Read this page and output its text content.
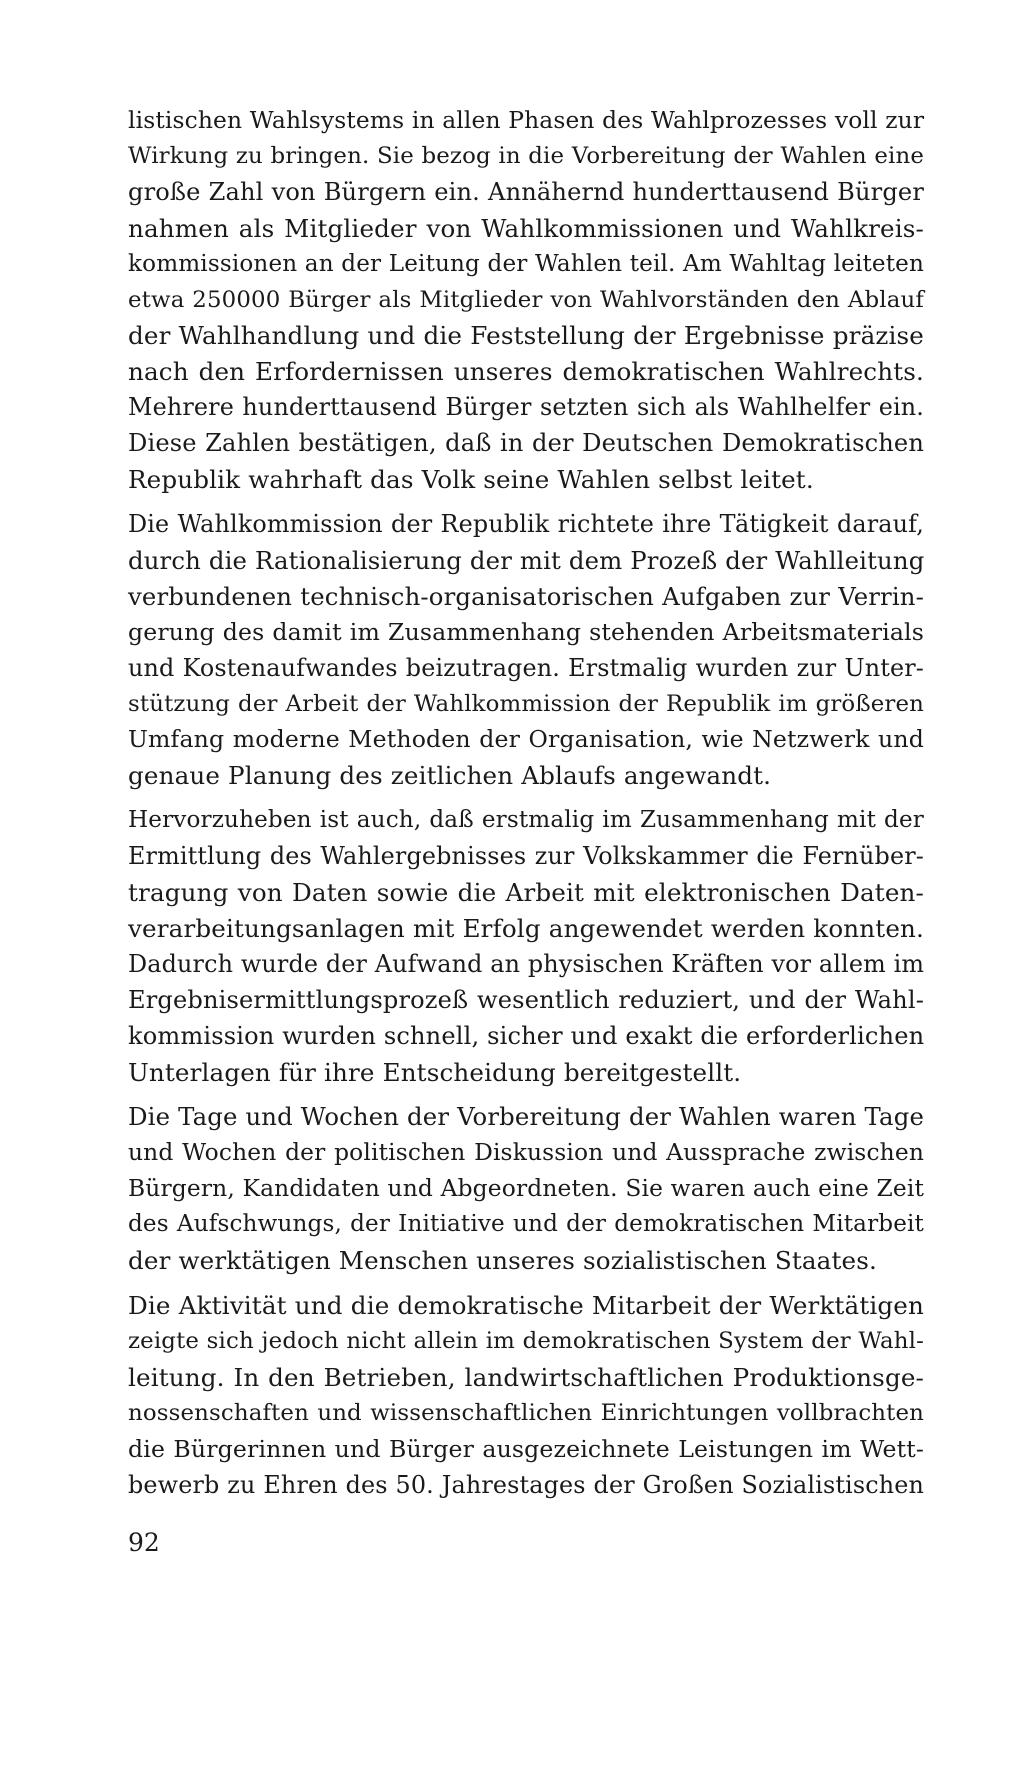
listischen Wahlsystems in allen Phasen des Wahlprozesses voll zur
Wirkung zu bringen. Sie bezog in die Vorbereitung der Wahlen eine
große Zahl von Bürgern ein. Annähernd hunderttausend Bürger
nahmen als Mitglieder von Wahlkommissionen und Wahlkreis-
kommissionen an der Leitung der Wahlen teil. Am Wahltag leiteten
etwa 250000 Bürger als Mitglieder von Wahlvorständen den Ablauf
der Wahlhandlung und die Feststellung der Ergebnisse präzise
nach den Erfordernissen unseres demokratischen Wahlrechts.
Mehrere hunderttausend Bürger setzten sich als Wahlhelfer ein.
Diese Zahlen bestätigen, daß in der Deutschen Demokratischen
Republik wahrhaft das Volk seine Wahlen selbst leitet.
Die Wahlkommission der Republik richtete ihre Tätigkeit darauf,
durch die Rationalisierung der mit dem Prozeß der Wahlleitung
verbundenen technisch-organisatorischen Aufgaben zur Verrin-
gerung des damit im Zusammenhang stehenden Arbeitsmaterials
und Kostenaufwandes beizutragen. Erstmalig wurden zur Unter-
stützung der Arbeit der Wahlkommission der Republik im größeren
Umfang moderne Methoden der Organisation, wie Netzwerk und
genaue Planung des zeitlichen Ablaufs angewandt.
Hervorzuheben ist auch, daß erstmalig im Zusammenhang mit der
Ermittlung des Wahlergebnisses zur Volkskammer die Fernüber-
tragung von Daten sowie die Arbeit mit elektronischen Daten-
verarbeitungsanlagen mit Erfolg angewendet werden konnten.
Dadurch wurde der Aufwand an physischen Kräften vor allem im
Ergebnisermittlungsprozeß wesentlich reduziert, und der Wahl-
kommission wurden schnell, sicher und exakt die erforderlichen
Unterlagen für ihre Entscheidung bereitgestellt.
Die Tage und Wochen der Vorbereitung der Wahlen waren Tage
und Wochen der politischen Diskussion und Aussprache zwischen
Bürgern, Kandidaten und Abgeordneten. Sie waren auch eine Zeit
des Aufschwungs, der Initiative und der demokratischen Mitarbeit
der werktätigen Menschen unseres sozialistischen Staates.
Die Aktivität und die demokratische Mitarbeit der Werktätigen
zeigte sich jedoch nicht allein im demokratischen System der Wahl-
leitung. In den Betrieben, landwirtschaftlichen Produktionsge-
nossenschaften und wissenschaftlichen Einrichtungen vollbrachten
die Bürgerinnen und Bürger ausgezeichnete Leistungen im Wett-
bewerb zu Ehren des 50. Jahrestages der Großen Sozialistischen
92
